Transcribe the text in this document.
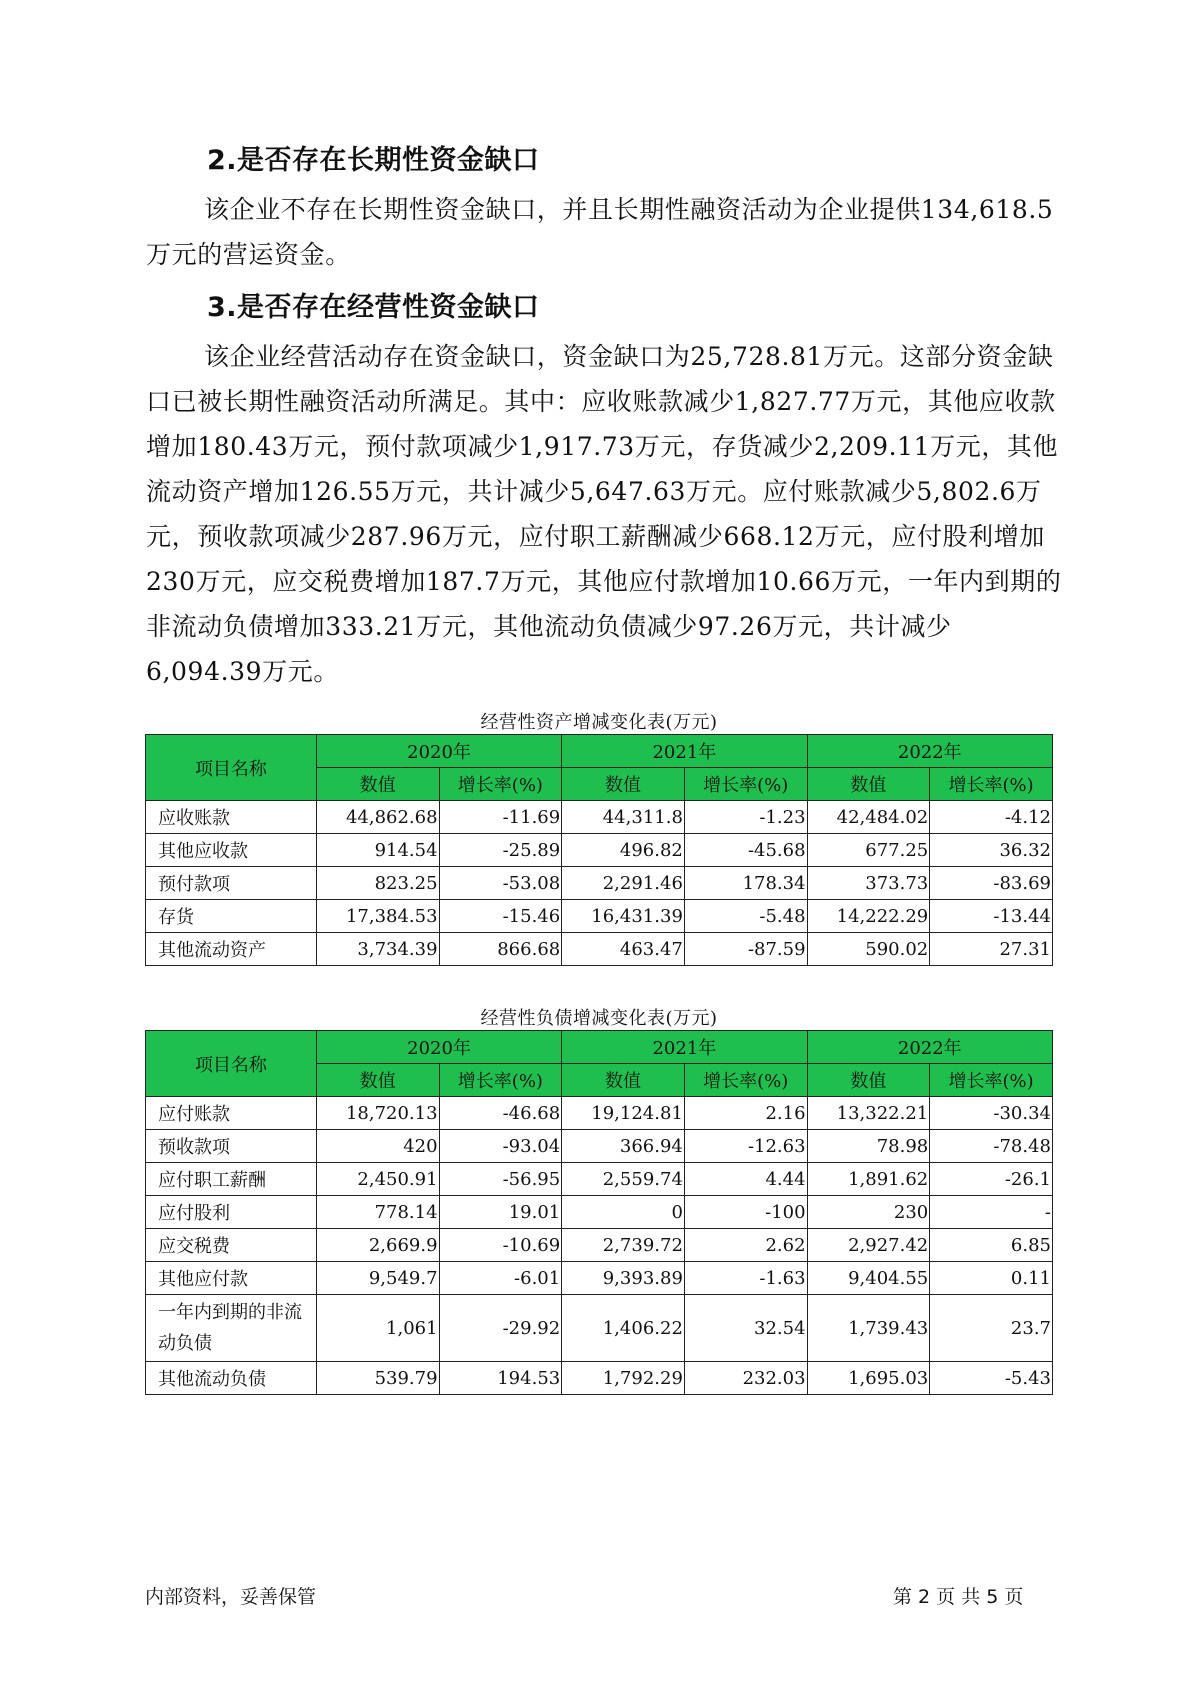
2.是否存在长期性资金缺口

该企业不存在长期性资金缺口，并且长期性融资活动为企业提供134,618.5万元的营运资金。

3.是否存在经营性资金缺口

该企业经营活动存在资金缺口，资金缺口为25,728.81万元。这部分资金缺口已被长期性融资活动所满足。其中：应收账款减少1,827.77万元，其他应收款增加180.43万元，预付款项减少1,917.73万元，存货减少2,209.11万元，其他流动资产增加126.55万元，共计减少5,647.63万元。应付账款减少5,802.6万元，预收款项减少287.96万元，应付职工薪酬减少668.12万元，应付股利增加230万元，应交税费增加187.7万元，其他应付款增加10.66万元，一年内到期的非流动负债增加333.21万元，其他流动负债减少97.26万元，共计减少6,094.39万元。

经营性资产增减变化表(万元)
项目名称	2020年		2021年		2022年	
	数值	增长率(%)	数值	增长率(%)	数值	增长率(%)
应收账款	44,862.68	-11.69	44,311.8	-1.23	42,484.02	-4.12
其他应收款	914.54	-25.89	496.82	-45.68	677.25	36.32
预付款项	823.25	-53.08	2,291.46	178.34	373.73	-83.69
存货	17,384.53	-15.46	16,431.39	-5.48	14,222.29	-13.44
其他流动资产	3,734.39	866.68	463.47	-87.59	590.02	27.31
经营性负债增减变化表(万元)
项目名称	2020年		2021年		2022年	
	数值	增长率(%)	数值	增长率(%)	数值	增长率(%)
应付账款	18,720.13	-46.68	19,124.81	2.16	13,322.21	-30.34
预收款项	420	-93.04	366.94	-12.63	78.98	-78.48
应付职工薪酬	2,450.91	-56.95	2,559.74	4.44	1,891.62	-26.1
应付股利	778.14	19.01	0	-100	230	-
应交税费	2,669.9	-10.69	2,739.72	2.62	2,927.42	6.85
其他应付款	9,549.7	-6.01	9,393.89	-1.63	9,404.55	0.11
一年内到期的非流动负债	1,061	-29.92	1,406.22	32.54	1,739.43	23.7
其他流动负债	539.79	194.53	1,792.29	232.03	1,695.03	-5.43
内部资料，妥善保管	第 2 页 共 5 页
